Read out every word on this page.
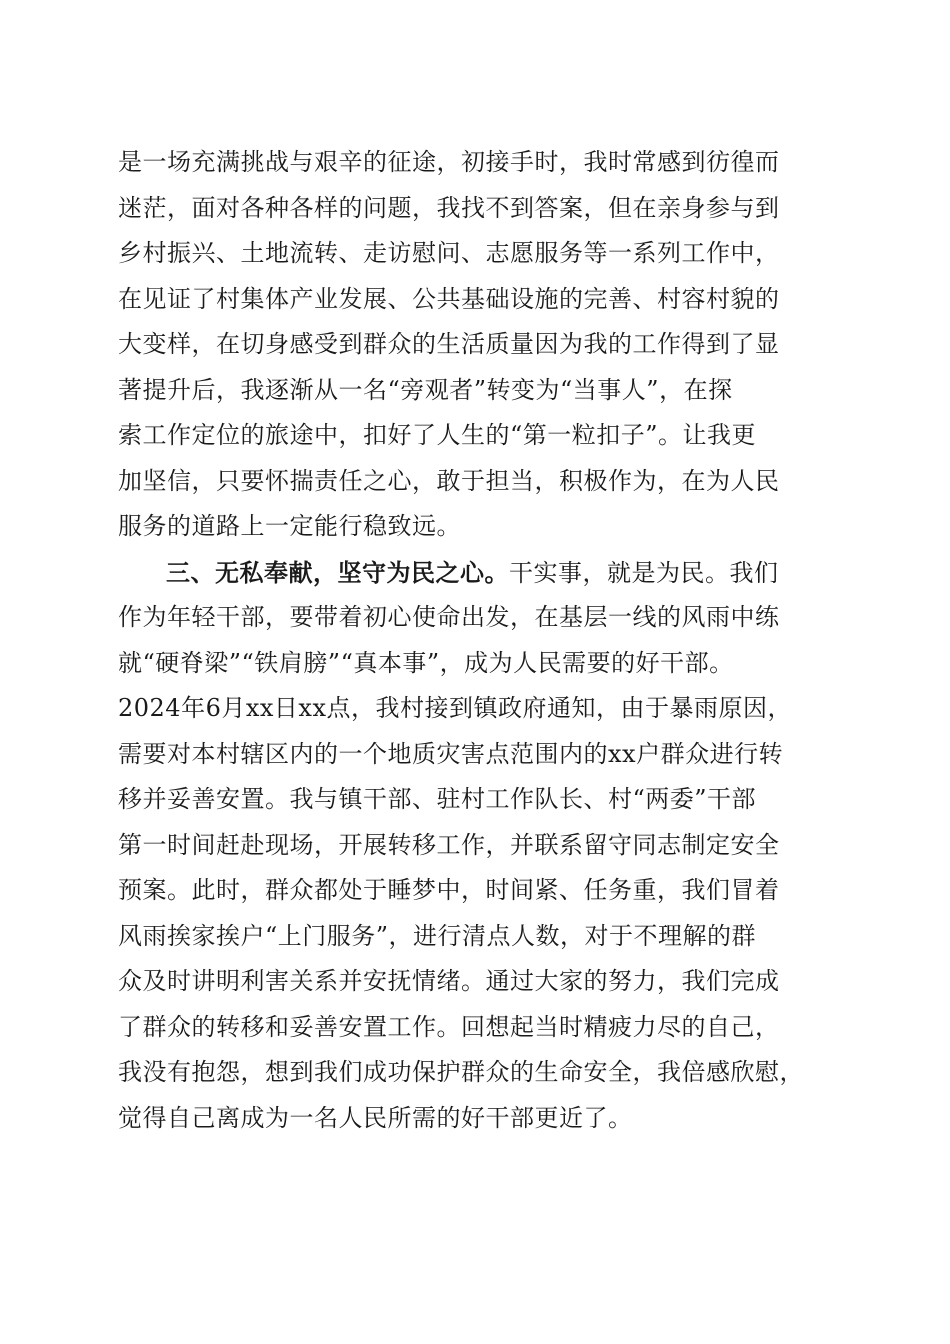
是一场充满挑战与艰辛的征途，初接手时，我时常感到彷徨而
迷茫，面对各种各样的问题，我找不到答案，但在亲身参与到
乡村振兴、土地流转、走访慰问、志愿服务等一系列工作中，
在见证了村集体产业发展、公共基础设施的完善、村容村貌的
大变样，在切身感受到群众的生活质量因为我的工作得到了显
著提升后，我逐渐从一名“旁观者”转变为“当事人”，在探
索工作定位的旅途中，扣好了人生的“第一粒扣子”。让我更
加坚信，只要怀揣责任之心，敢于担当，积极作为，在为人民
服务的道路上一定能行稳致远。
三、无私奉献，坚守为民之心。干实事，就是为民。我们
作为年轻干部，要带着初心使命出发，在基层一线的风雨中练
就“硬脊梁”“铁肩膀”“真本事”，成为人民需要的好干部。
2024年6月xx日xx点，我村接到镇政府通知，由于暴雨原因，
需要对本村辖区内的一个地质灾害点范围内的xx户群众进行转
移并妥善安置。我与镇干部、驻村工作队长、村“两委”干部
第一时间赶赴现场，开展转移工作，并联系留守同志制定安全
预案。此时，群众都处于睡梦中，时间紧、任务重，我们冒着
风雨挨家挨户“上门服务”，进行清点人数，对于不理解的群
众及时讲明利害关系并安抚情绪。通过大家的努力，我们完成
了群众的转移和妥善安置工作。回想起当时精疲力尽的自己，
我没有抱怨，想到我们成功保护群众的生命安全，我倍感欣慰，
觉得自己离成为一名人民所需的好干部更近了。
